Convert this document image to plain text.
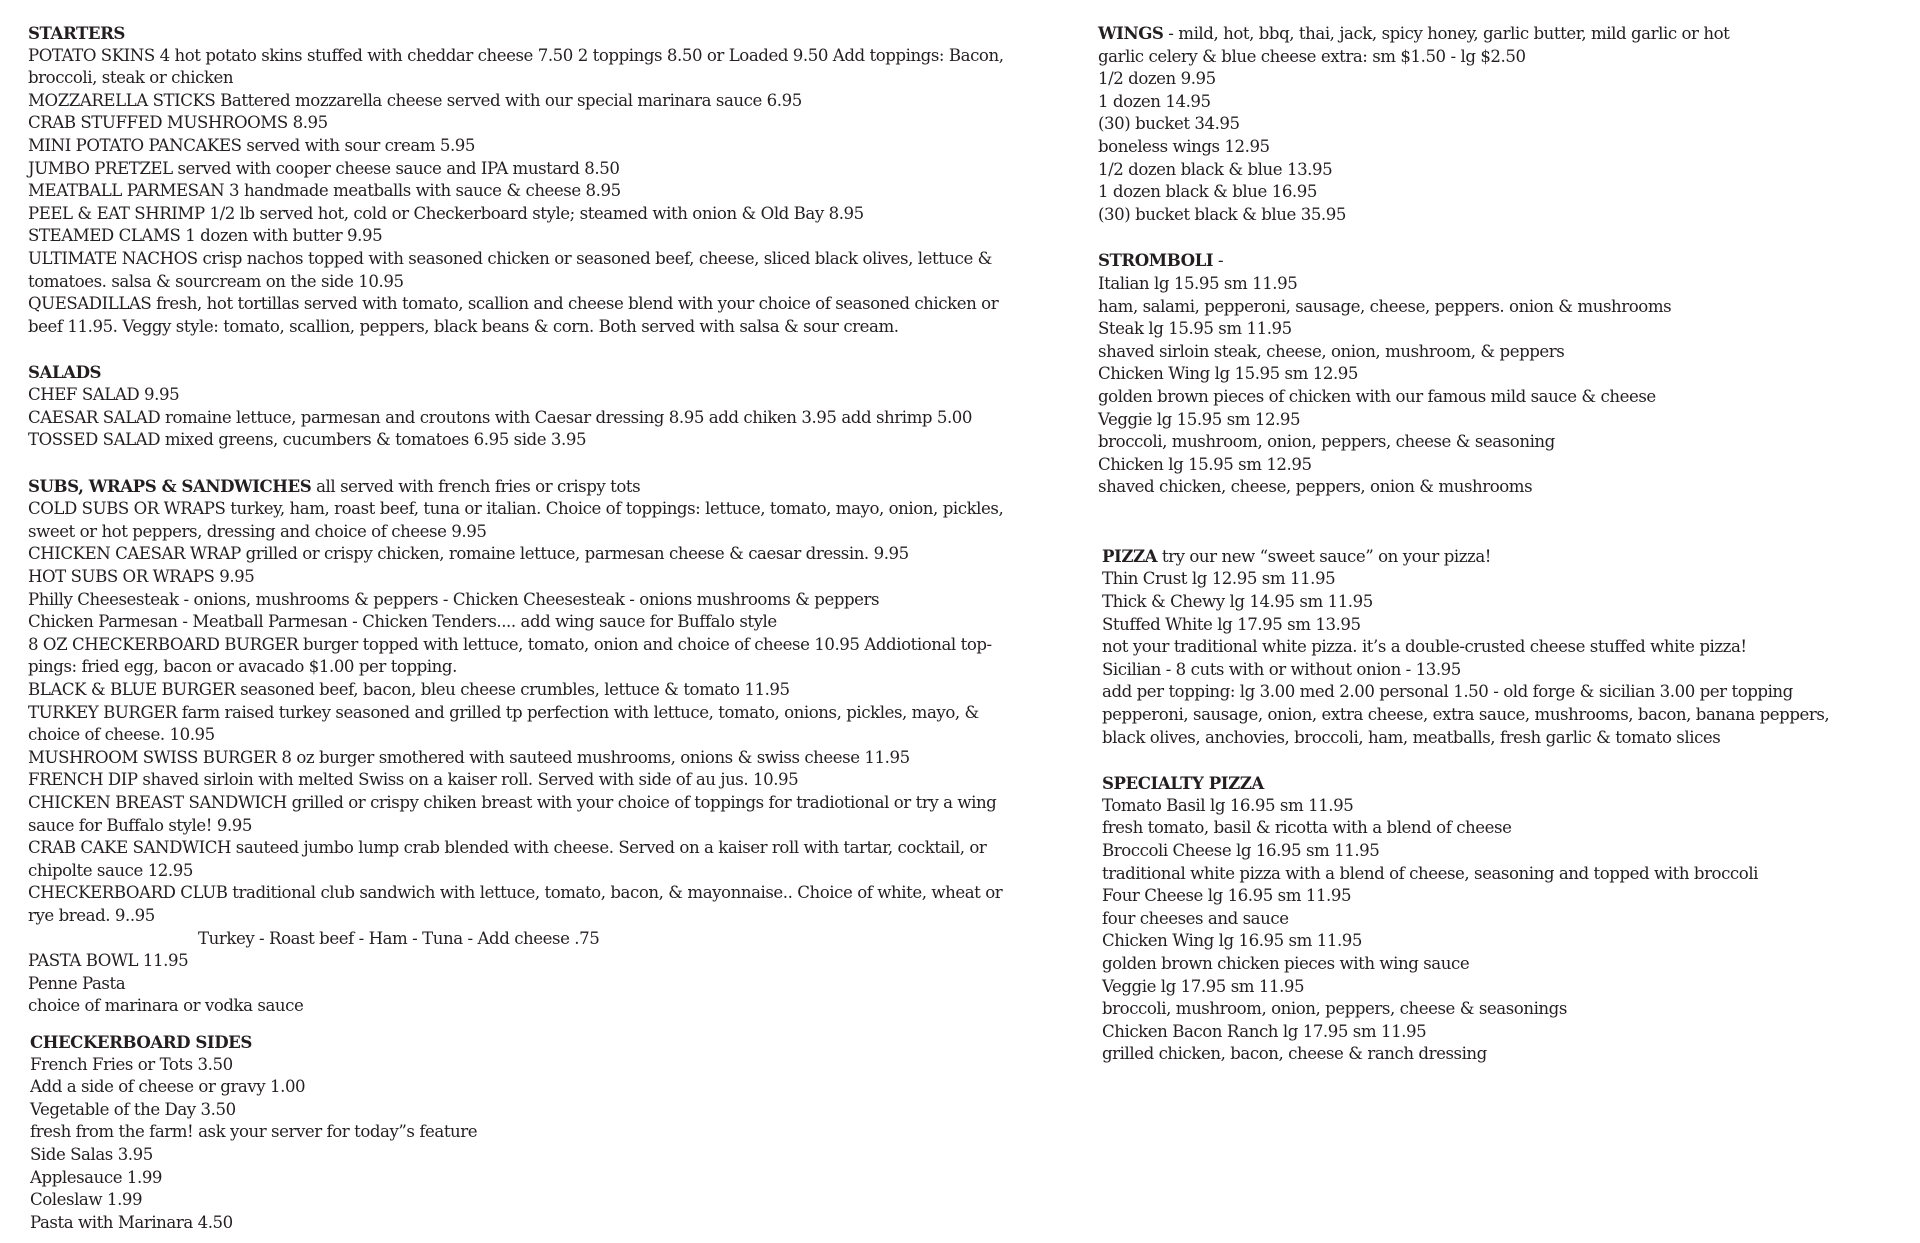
STARTERS
POTATO SKINS 4 hot potato skins stuffed with cheddar cheese 7.50 2 toppings 8.50 or Loaded 9.50 Add toppings: Bacon,
broccoli, steak or chicken
MOZZARELLA STICKS Battered mozzarella cheese served with our special marinara sauce 6.95
CRAB STUFFED MUSHROOMS 8.95
MINI POTATO PANCAKES served with sour cream 5.95
JUMBO PRETZEL served with cooper cheese sauce and IPA mustard 8.50
MEATBALL PARMESAN 3 handmade meatballs with sauce & cheese 8.95
PEEL & EAT SHRIMP 1/2 lb served hot, cold or Checkerboard style; steamed with onion & Old Bay 8.95
STEAMED CLAMS 1 dozen with butter 9.95
ULTIMATE NACHOS crisp nachos topped with seasoned chicken or seasoned beef, cheese, sliced black olives, lettuce &
tomatoes. salsa & sourcream on the side 10.95
QUESADILLAS fresh, hot tortillas served with tomato, scallion and cheese blend with your choice of seasoned chicken or
beef 11.95. Veggy style: tomato, scallion, peppers, black beans & corn. Both served with salsa & sour cream.
SALADS
CHEF SALAD 9.95
CAESAR SALAD romaine lettuce, parmesan and croutons with Caesar dressing 8.95 add chiken 3.95 add shrimp 5.00
TOSSED SALAD mixed greens, cucumbers & tomatoes 6.95 side 3.95
SUBS, WRAPS & SANDWICHES all served with french fries or crispy tots
COLD SUBS OR WRAPS turkey, ham, roast beef, tuna or italian. Choice of toppings: lettuce, tomato, mayo, onion, pickles,
sweet or hot peppers, dressing and choice of cheese 9.95
CHICKEN CAESAR WRAP grilled or crispy chicken, romaine lettuce, parmesan cheese & caesar dressin. 9.95
HOT SUBS OR WRAPS 9.95
Philly Cheesesteak - onions, mushrooms & peppers - Chicken Cheesesteak - onions mushrooms & peppers
Chicken Parmesan - Meatball Parmesan - Chicken Tenders.... add wing sauce for Buffalo style
8 OZ CHECKERBOARD BURGER burger topped with lettuce, tomato, onion and choice of cheese 10.95 Addiotional top-
pings: fried egg, bacon or avacado $1.00 per topping.
BLACK & BLUE BURGER seasoned beef, bacon, bleu cheese crumbles, lettuce & tomato 11.95
TURKEY BURGER farm raised turkey seasoned and grilled tp perfection with lettuce, tomato, onions, pickles, mayo, &
choice of cheese. 10.95
MUSHROOM SWISS BURGER 8 oz burger smothered with sauteed mushrooms, onions & swiss cheese 11.95
FRENCH DIP shaved sirloin with melted Swiss on a kaiser roll. Served with side of au jus. 10.95
CHICKEN BREAST SANDWICH grilled or crispy chiken breast with your choice of toppings for tradiotional or try a wing
sauce for Buffalo style! 9.95
CRAB CAKE SANDWICH sauteed jumbo lump crab blended with cheese. Served on a kaiser roll with tartar, cocktail, or
chipolte sauce 12.95
CHECKERBOARD CLUB traditional club sandwich with lettuce, tomato, bacon, & mayonnaise.. Choice of white, wheat or
rye bread. 9..95
Turkey - Roast beef - Ham - Tuna - Add cheese .75
PASTA BOWL 11.95
Penne Pasta
choice of marinara or vodka sauce
CHECKERBOARD SIDES
French Fries or Tots 3.50
Add a side of cheese or gravy 1.00
Vegetable of the Day 3.50
fresh from the farm! ask your server for today”s feature
Side Salas 3.95
Applesauce 1.99
Coleslaw 1.99
Pasta with Marinara 4.50
WINGS - mild, hot, bbq, thai, jack, spicy honey, garlic butter, mild garlic or hot
garlic celery & blue cheese extra: sm $1.50 - lg $2.50
1/2 dozen 9.95
1 dozen 14.95
(30) bucket 34.95
boneless wings 12.95
1/2 dozen black & blue 13.95
1 dozen black & blue 16.95
(30) bucket black & blue 35.95
STROMBOLI -
Italian lg 15.95 sm 11.95
ham, salami, pepperoni, sausage, cheese, peppers. onion & mushrooms
Steak lg 15.95 sm 11.95
shaved sirloin steak, cheese, onion, mushroom, & peppers
Chicken Wing lg 15.95 sm 12.95
golden brown pieces of chicken with our famous mild sauce & cheese
Veggie lg 15.95 sm 12.95
broccoli, mushroom, onion, peppers, cheese & seasoning
Chicken lg 15.95 sm 12.95
shaved chicken, cheese, peppers, onion & mushrooms
PIZZA try our new “sweet sauce” on your pizza!
Thin Crust lg 12.95 sm 11.95
Thick & Chewy lg 14.95 sm 11.95
Stuffed White lg 17.95 sm 13.95
not your traditional white pizza. it’s a double-crusted cheese stuffed white pizza!
Sicilian - 8 cuts with or without onion - 13.95
add per topping: lg 3.00 med 2.00 personal 1.50 - old forge & sicilian 3.00 per topping
pepperoni, sausage, onion, extra cheese, extra sauce, mushrooms, bacon, banana peppers,
black olives, anchovies, broccoli, ham, meatballs, fresh garlic & tomato slices
SPECIALTY PIZZA
Tomato Basil lg 16.95 sm 11.95
fresh tomato, basil & ricotta with a blend of cheese
Broccoli Cheese lg 16.95 sm 11.95
traditional white pizza with a blend of cheese, seasoning and topped with broccoli
Four Cheese lg 16.95 sm 11.95
four cheeses and sauce
Chicken Wing lg 16.95 sm 11.95
golden brown chicken pieces with wing sauce
Veggie lg 17.95 sm 11.95
broccoli, mushroom, onion, peppers, cheese & seasonings
Chicken Bacon Ranch lg 17.95 sm 11.95
grilled chicken, bacon, cheese & ranch dressing
